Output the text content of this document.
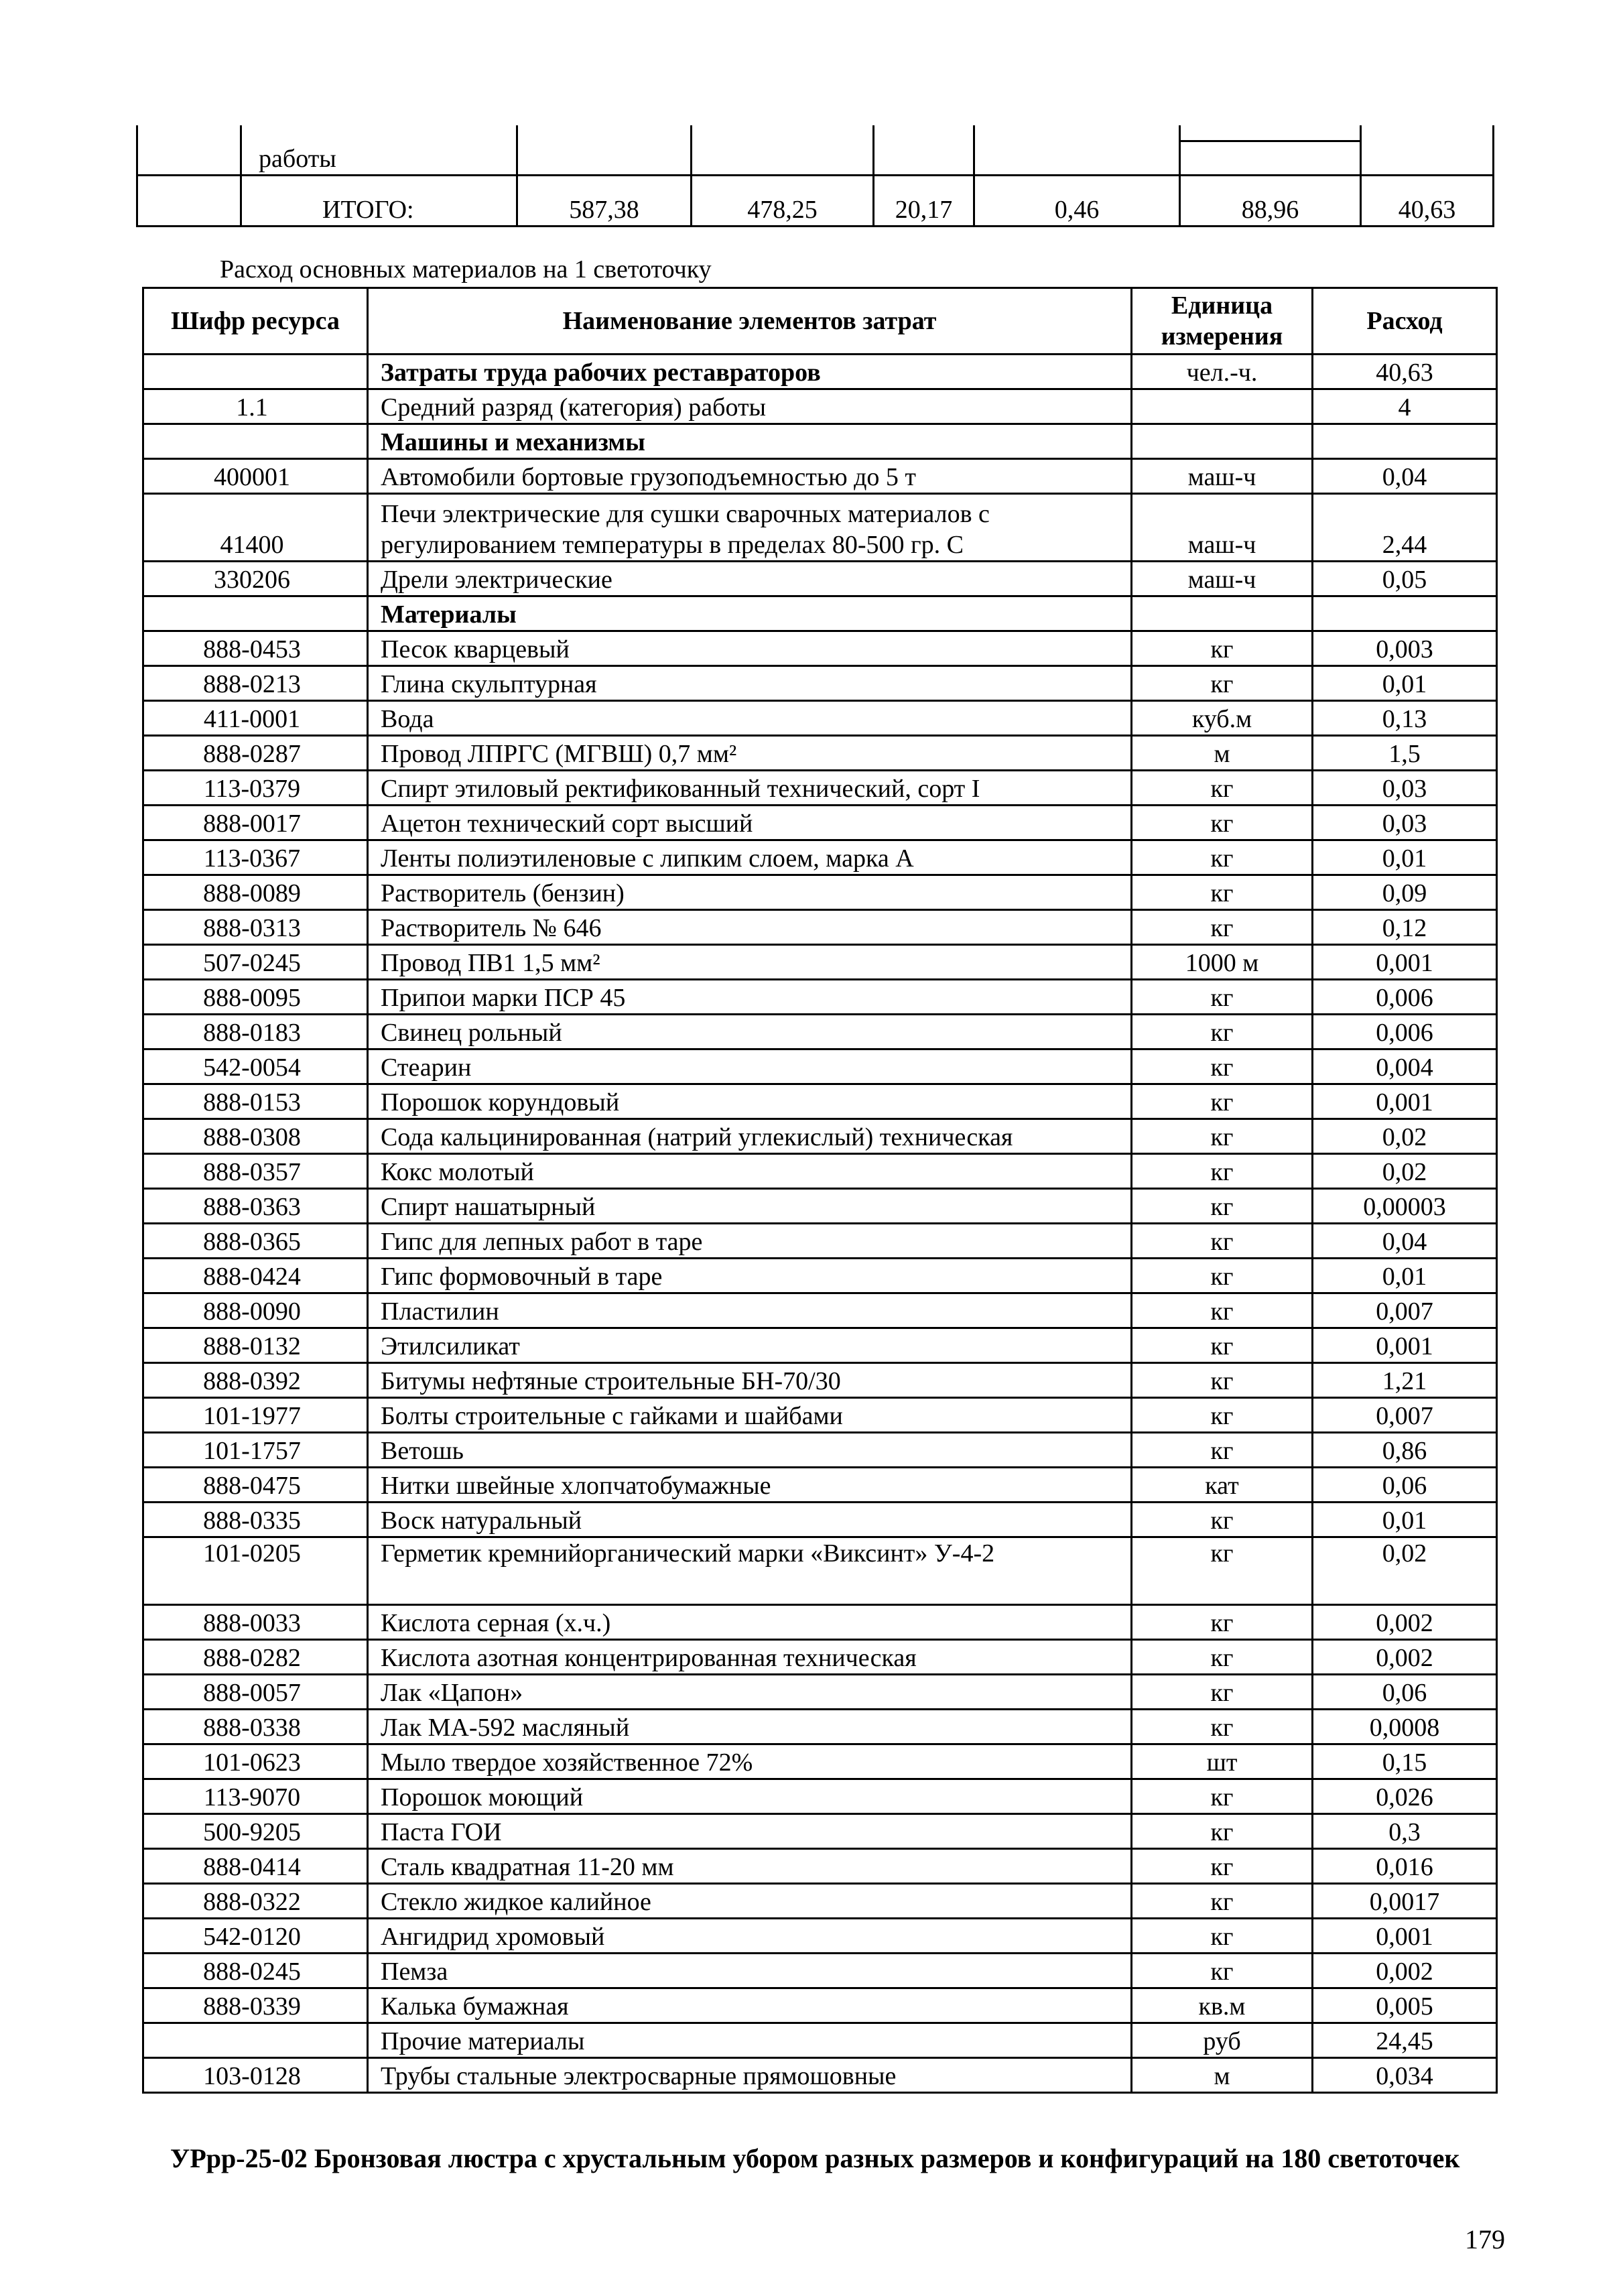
	работы						
	ИТОГО:	587,38	478,25	20,17	0,46	88,96	40,63
Расход основных материалов на 1 светоточку
Шифр ресурса	Наименование элементов затрат	Единица измерения	Расход
	Затраты труда рабочих реставраторов	чел.-ч.	40,63
1.1	Средний разряд (категория) работы		4
	Машины и механизмы		
400001	Автомобили бортовые грузоподъемностью до 5 т	маш-ч	0,04
41400	Печи электрические для сушки сварочных материалов с регулированием температуры в пределах 80-500 гр. С	маш-ч	2,44
330206	Дрели электрические	маш-ч	0,05
	Материалы		
888-0453	Песок кварцевый	кг	0,003
888-0213	Глина скульптурная	кг	0,01
411-0001	Вода	куб.м	0,13
888-0287	Провод ЛПРГС (МГВШ) 0,7 мм²	м	1,5
113-0379	Спирт этиловый ректификованный технический, сорт I	кг	0,03
888-0017	Ацетон технический сорт высший	кг	0,03
113-0367	Ленты полиэтиленовые с липким слоем, марка А	кг	0,01
888-0089	Растворитель (бензин)	кг	0,09
888-0313	Растворитель № 646	кг	0,12
507-0245	Провод ПВ1 1,5 мм²	1000 м	0,001
888-0095	Припои марки ПСР 45	кг	0,006
888-0183	Свинец рольный	кг	0,006
542-0054	Стеарин	кг	0,004
888-0153	Порошок корундовый	кг	0,001
888-0308	Сода кальцинированная (натрий углекислый) техническая	кг	0,02
888-0357	Кокс молотый	кг	0,02
888-0363	Спирт нашатырный	кг	0,00003
888-0365	Гипс для лепных работ в таре	кг	0,04
888-0424	Гипс формовочный в таре	кг	0,01
888-0090	Пластилин	кг	0,007
888-0132	Этилсиликат	кг	0,001
888-0392	Битумы нефтяные строительные БН-70/30	кг	1,21
101-1977	Болты строительные с гайками и шайбами	кг	0,007
101-1757	Ветошь	кг	0,86
888-0475	Нитки швейные хлопчатобумажные	кат	0,06
888-0335	Воск натуральный	кг	0,01
101-0205	Герметик кремнийорганический марки «Виксинт» У-4-2	кг	0,02
888-0033	Кислота серная (х.ч.)	кг	0,002
888-0282	Кислота азотная концентрированная техническая	кг	0,002
888-0057	Лак «Цапон»	кг	0,06
888-0338	Лак МА-592 масляный	кг	0,0008
101-0623	Мыло твердое хозяйственное 72%	шт	0,15
113-9070	Порошок моющий	кг	0,026
500-9205	Паста ГОИ	кг	0,3
888-0414	Сталь квадратная 11-20 мм	кг	0,016
888-0322	Стекло жидкое калийное	кг	0,0017
542-0120	Ангидрид хромовый	кг	0,001
888-0245	Пемза	кг	0,002
888-0339	Калька бумажная	кв.м	0,005
	Прочие материалы	руб	24,45
103-0128	Трубы стальные электросварные прямошовные	м	0,034
УРрр-25-02 Бронзовая люстра с хрустальным убором разных размеров и конфигураций на 180 светоточек
179
